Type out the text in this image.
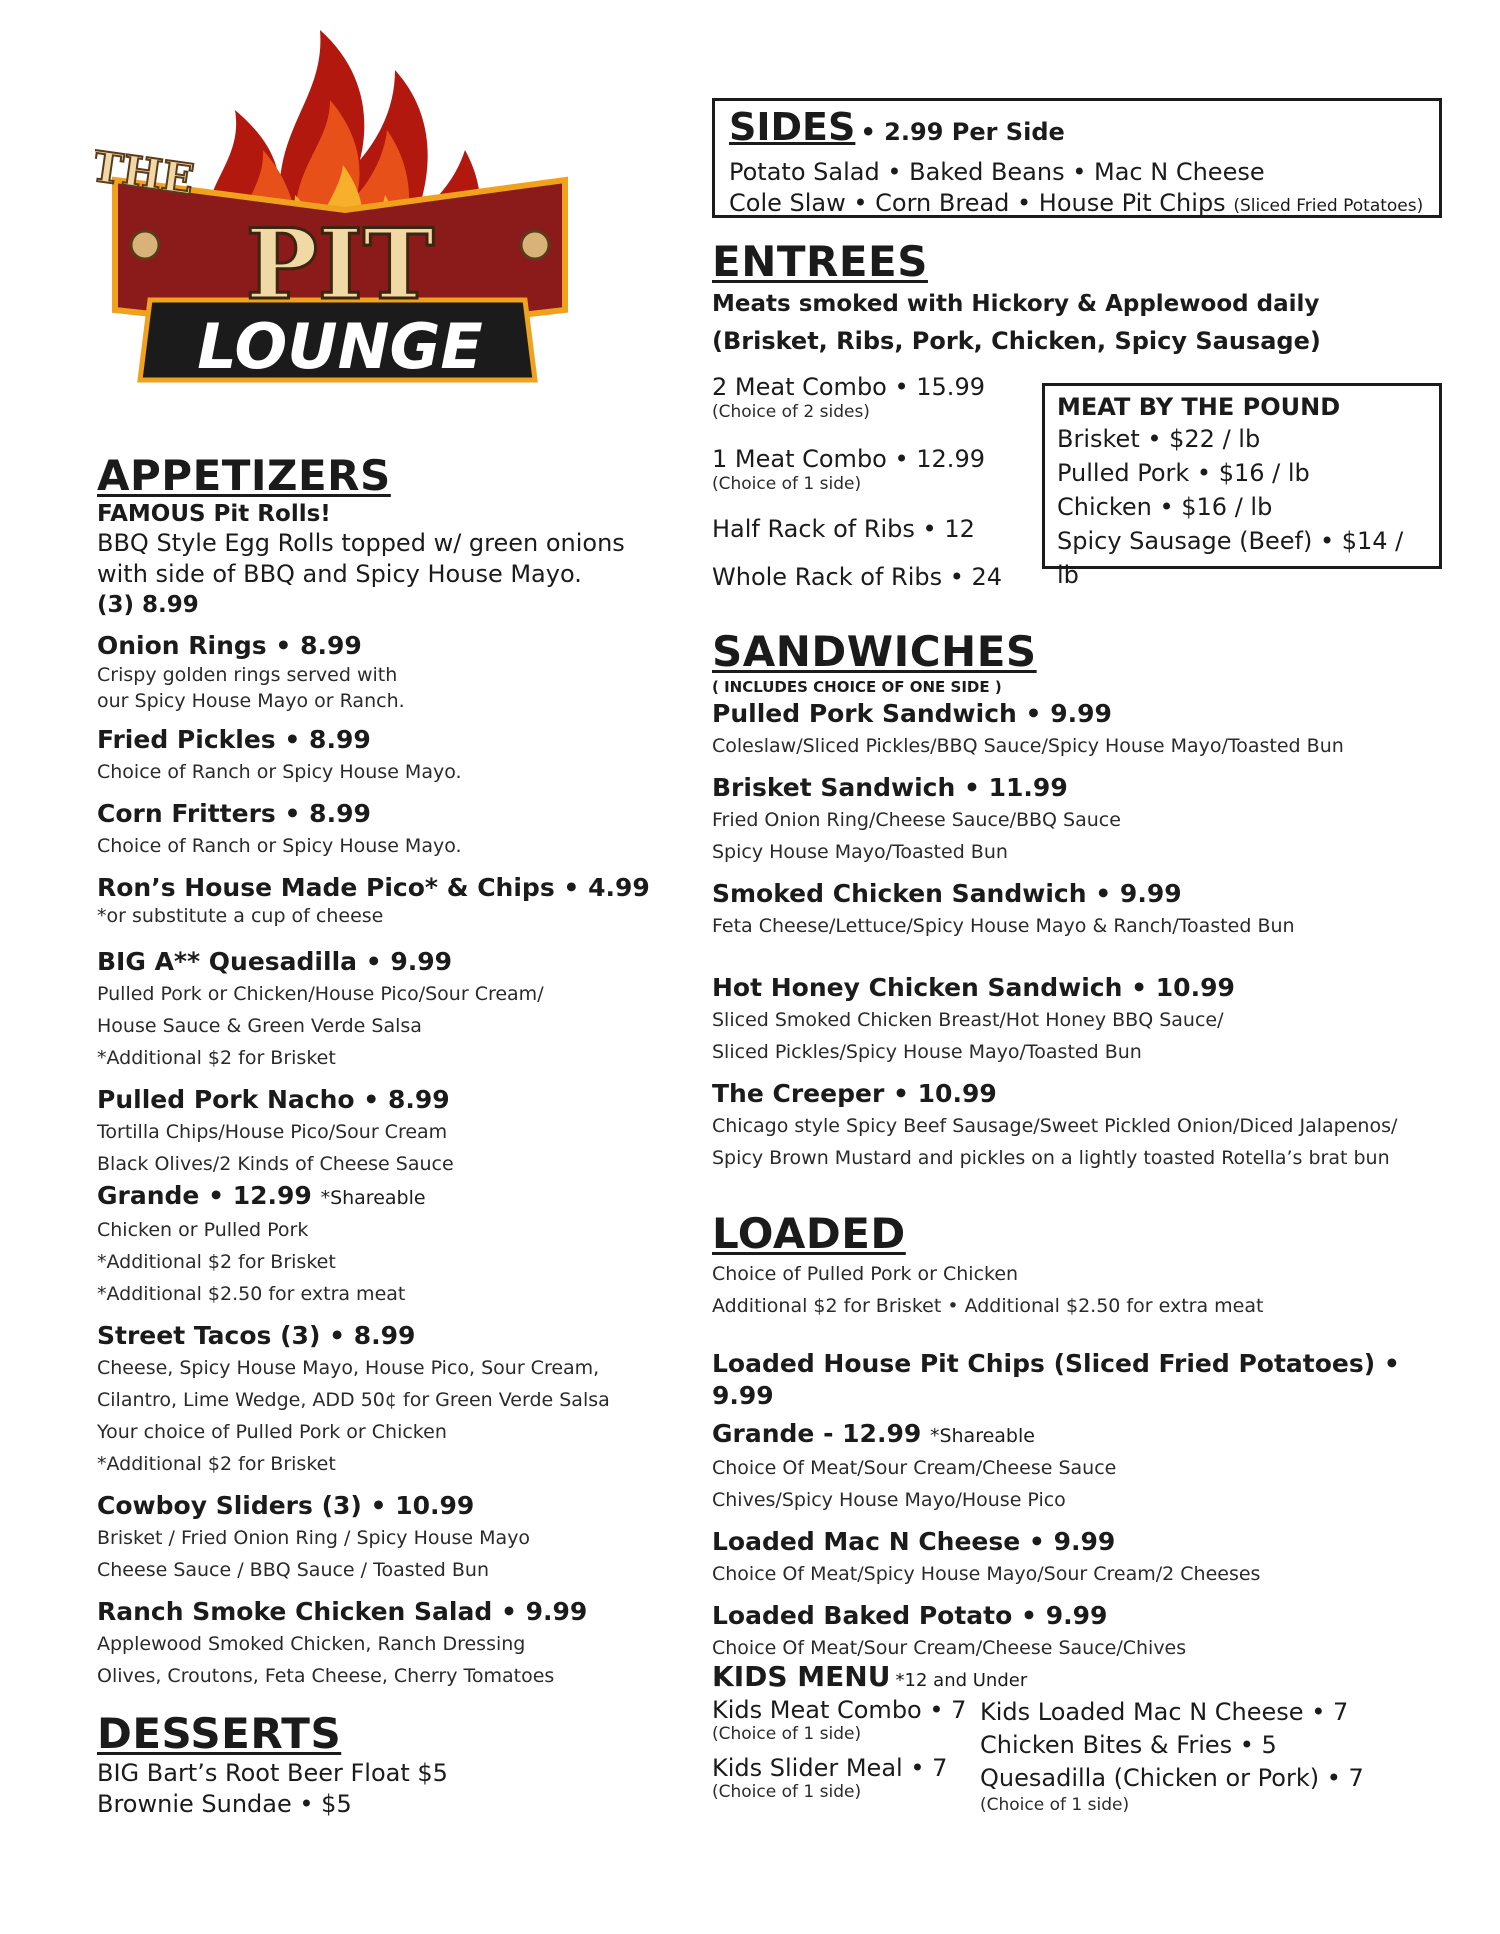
THE
PIT
LOUNGE
APPETIZERS

FAMOUS Pit Rolls!

BBQ Style Egg Rolls topped w/ green onions

with side of BBQ and Spicy House Mayo.

(3) 8.99

Onion Rings • 8.99

Crispy golden rings served with

our Spicy House Mayo or Ranch.

Fried Pickles • 8.99

Choice of Ranch or Spicy House Mayo.

Corn Fritters • 8.99

Choice of Ranch or Spicy House Mayo.

Ron’s House Made Pico* & Chips • 4.99

*or substitute a cup of cheese

BIG A** Quesadilla • 9.99

Pulled Pork or Chicken/House Pico/Sour Cream/

House Sauce & Green Verde Salsa

*Additional $2 for Brisket

Pulled Pork Nacho • 8.99

Tortilla Chips/House Pico/Sour Cream

Black Olives/2 Kinds of Cheese Sauce

Grande • 12.99 *Shareable

Chicken or Pulled Pork

*Additional $2 for Brisket

*Additional $2.50 for extra meat

Street Tacos (3) • 8.99

Cheese, Spicy House Mayo, House Pico, Sour Cream,

Cilantro, Lime Wedge, ADD 50¢ for Green Verde Salsa

Your choice of Pulled Pork or Chicken

*Additional $2 for Brisket

Cowboy Sliders (3) • 10.99

Brisket / Fried Onion Ring / Spicy House Mayo

Cheese Sauce / BBQ Sauce / Toasted Bun

Ranch Smoke Chicken Salad • 9.99

Applewood Smoked Chicken, Ranch Dressing

Olives, Croutons, Feta Cheese, Cherry Tomatoes

DESSERTS

BIG Bart’s Root Beer Float $5

Brownie Sundae • $5

SIDES • 2.99 Per Side

Potato Salad • Baked Beans • Mac N Cheese

Cole Slaw • Corn Bread • House Pit Chips (Sliced Fried Potatoes)

ENTREES

Meats smoked with Hickory & Applewood daily

(Brisket, Ribs, Pork, Chicken, Spicy Sausage)

2 Meat Combo • 15.99

(Choice of 2 sides)

1 Meat Combo • 12.99

(Choice of 1 side)

Half Rack of Ribs • 12

Whole Rack of Ribs • 24

MEAT BY THE POUND

Brisket • $22 / lb

Pulled Pork • $16 / lb

Chicken • $16 / lb

Spicy Sausage (Beef) • $14 / lb

SANDWICHES

( INCLUDES CHOICE OF ONE SIDE )

Pulled Pork Sandwich • 9.99

Coleslaw/Sliced Pickles/BBQ Sauce/Spicy House Mayo/Toasted Bun

Brisket Sandwich • 11.99

Fried Onion Ring/Cheese Sauce/BBQ Sauce

Spicy House Mayo/Toasted Bun

Smoked Chicken Sandwich • 9.99

Feta Cheese/Lettuce/Spicy House Mayo & Ranch/Toasted Bun

Hot Honey Chicken Sandwich • 10.99

Sliced Smoked Chicken Breast/Hot Honey BBQ Sauce/

Sliced Pickles/Spicy House Mayo/Toasted Bun

The Creeper • 10.99

Chicago style Spicy Beef Sausage/Sweet Pickled Onion/Diced Jalapenos/

Spicy Brown Mustard and pickles on a lightly toasted Rotella’s brat bun

LOADED

Choice of Pulled Pork or Chicken

Additional $2 for Brisket • Additional $2.50 for extra meat

Loaded House Pit Chips (Sliced Fried Potatoes) • 9.99

Grande - 12.99 *Shareable

Choice Of Meat/Sour Cream/Cheese Sauce

Chives/Spicy House Mayo/House Pico

Loaded Mac N Cheese • 9.99

Choice Of Meat/Spicy House Mayo/Sour Cream/2 Cheeses

Loaded Baked Potato • 9.99

Choice Of Meat/Sour Cream/Cheese Sauce/Chives

KIDS MENU *12 and Under

Kids Meat Combo • 7

(Choice of 1 side)

Kids Slider Meal • 7

(Choice of 1 side)

Kids Loaded Mac N Cheese • 7

Chicken Bites & Fries • 5

Quesadilla (Chicken or Pork) • 7

(Choice of 1 side)
